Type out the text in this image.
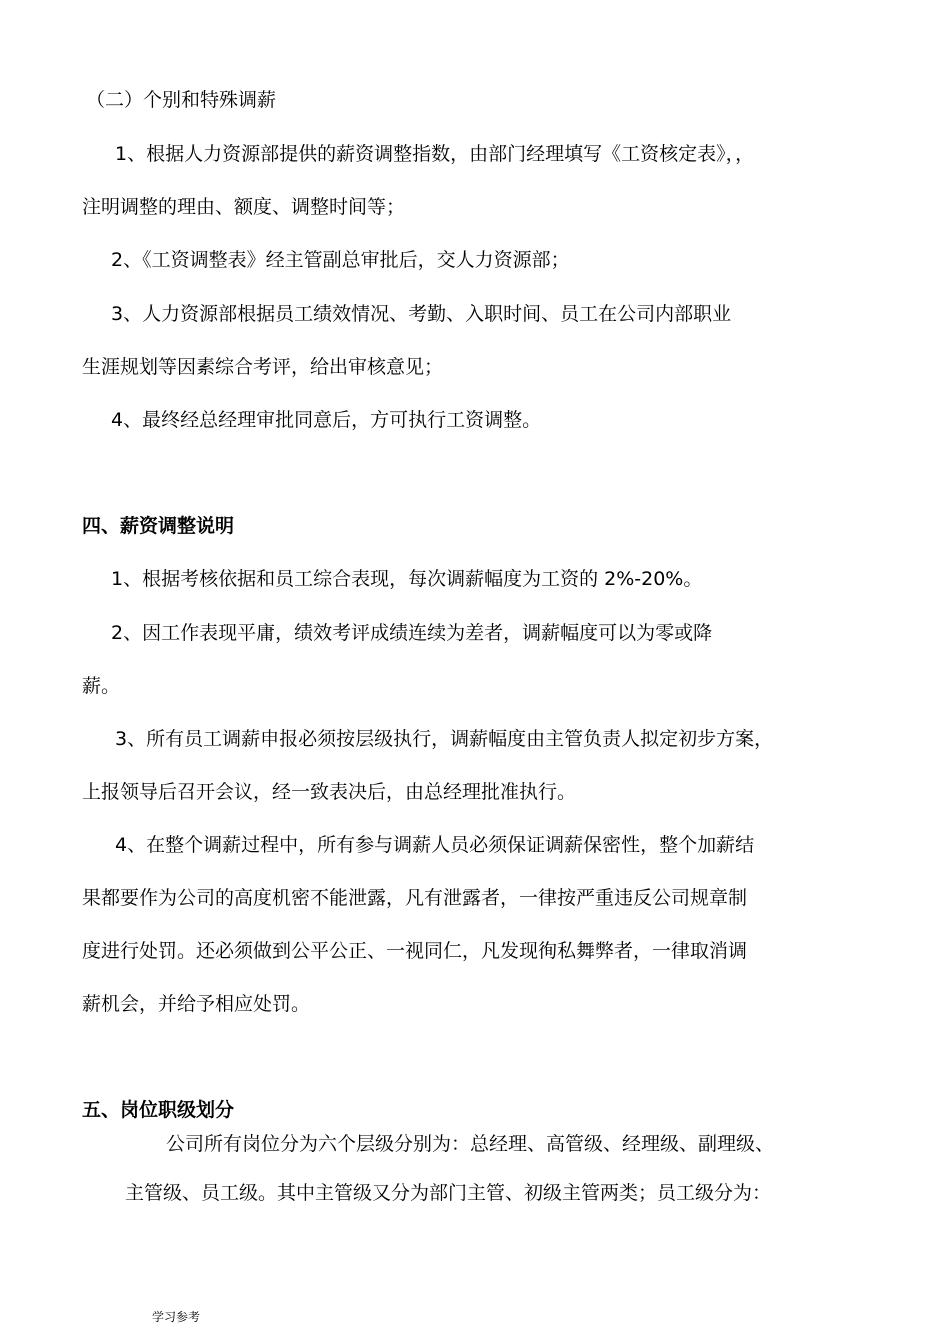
（二）个别和特殊调薪
1、根据人力资源部提供的薪资调整指数，由部门经理填写《工资核定表》，，
注明调整的理由、额度、调整时间等；
2、《工资调整表》经主管副总审批后，交人力资源部；
3、人力资源部根据员工绩效情况、考勤、入职时间、员工在公司内部职业
生涯规划等因素综合考评，给出审核意见；
4、最终经总经理审批同意后，方可执行工资调整。
四、薪资调整说明
1、根据考核依据和员工综合表现，每次调薪幅度为工资的 2%-20%。
2、因工作表现平庸，绩效考评成绩连续为差者，调薪幅度可以为零或降
薪。
3、所有员工调薪申报必须按层级执行，调薪幅度由主管负责人拟定初步方案，
上报领导后召开会议，经一致表决后，由总经理批准执行。
4、在整个调薪过程中，所有参与调薪人员必须保证调薪保密性，整个加薪结
果都要作为公司的高度机密不能泄露，凡有泄露者，一律按严重违反公司规章制
度进行处罚。还必须做到公平公正、一视同仁，凡发现徇私舞弊者，一律取消调
薪机会，并给予相应处罚。
五、岗位职级划分
公司所有岗位分为六个层级分别为：总经理、高管级、经理级、副理级、
主管级、员工级。其中主管级又分为部门主管、初级主管两类；员工级分为：
学习参考
